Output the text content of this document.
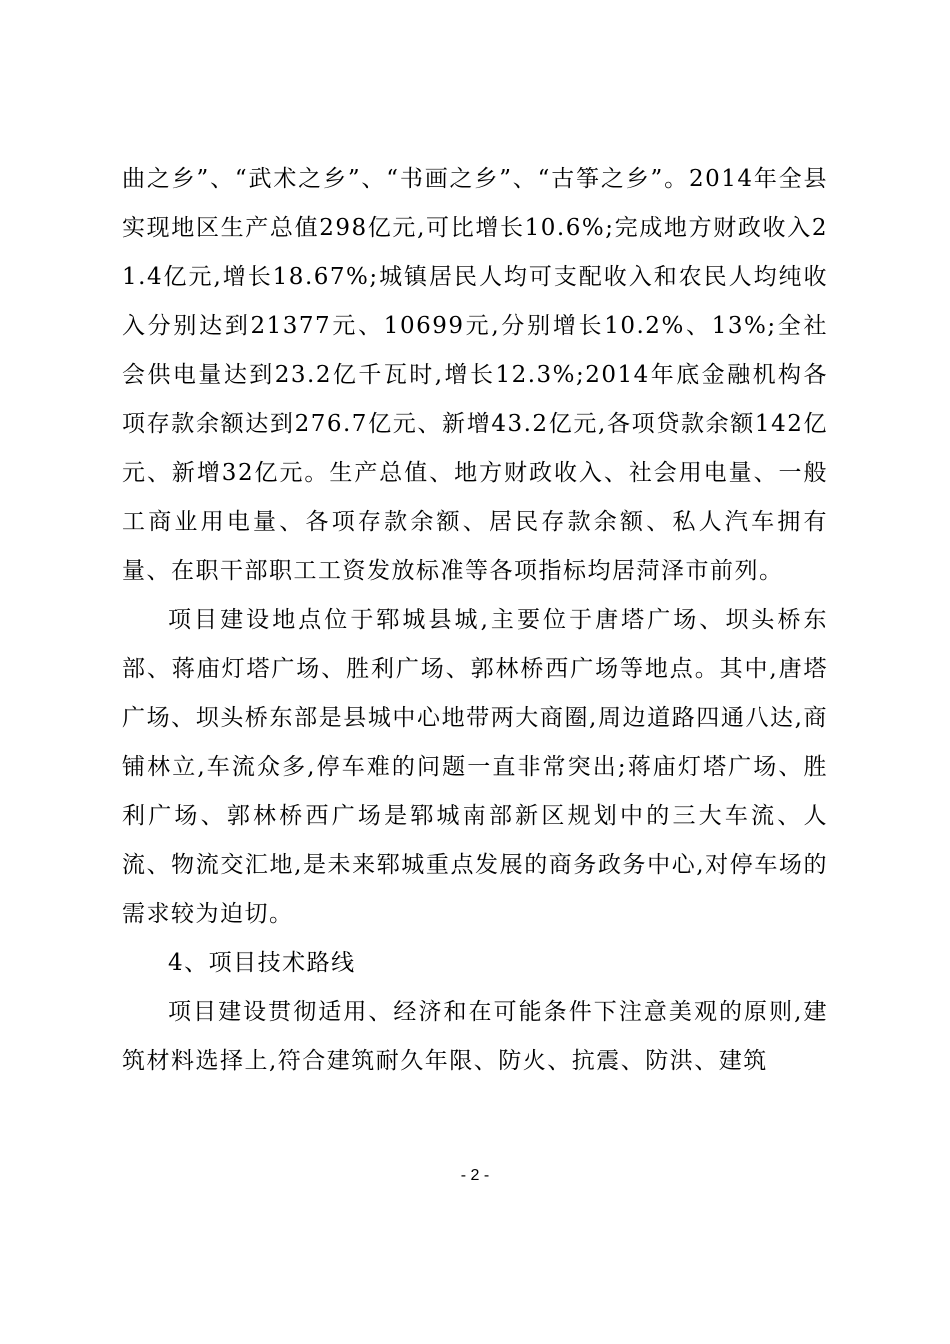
曲之乡”、“武术之乡”、“书画之乡”、“古筝之乡”。2014年全县实现地区生产总值298亿元,可比增长10.6%;完成地方财政收入21.4亿元,增长18.67%;城镇居民人均可支配收入和农民人均纯收入分别达到21377元、10699元,分别增长10.2%、13%;全社会供电量达到23.2亿千瓦时,增长12.3%;2014年底金融机构各项存款余额达到276.7亿元、新增43.2亿元,各项贷款余额142亿元、新增32亿元。生产总值、地方财政收入、社会用电量、一般工商业用电量、各项存款余额、居民存款余额、私人汽车拥有量、在职干部职工工资发放标准等各项指标均居菏泽市前列。

项目建设地点位于郓城县城,主要位于唐塔广场、坝头桥东部、蒋庙灯塔广场、胜利广场、郭林桥西广场等地点。其中,唐塔广场、坝头桥东部是县城中心地带两大商圈,周边道路四通八达,商铺林立,车流众多,停车难的问题一直非常突出;蒋庙灯塔广场、胜利广场、郭林桥西广场是郓城南部新区规划中的三大车流、人流、物流交汇地,是未来郓城重点发展的商务政务中心,对停车场的需求较为迫切。

4、项目技术路线

项目建设贯彻适用、经济和在可能条件下注意美观的原则,建筑材料选择上,符合建筑耐久年限、防火、抗震、防洪、建筑

- 2 -
